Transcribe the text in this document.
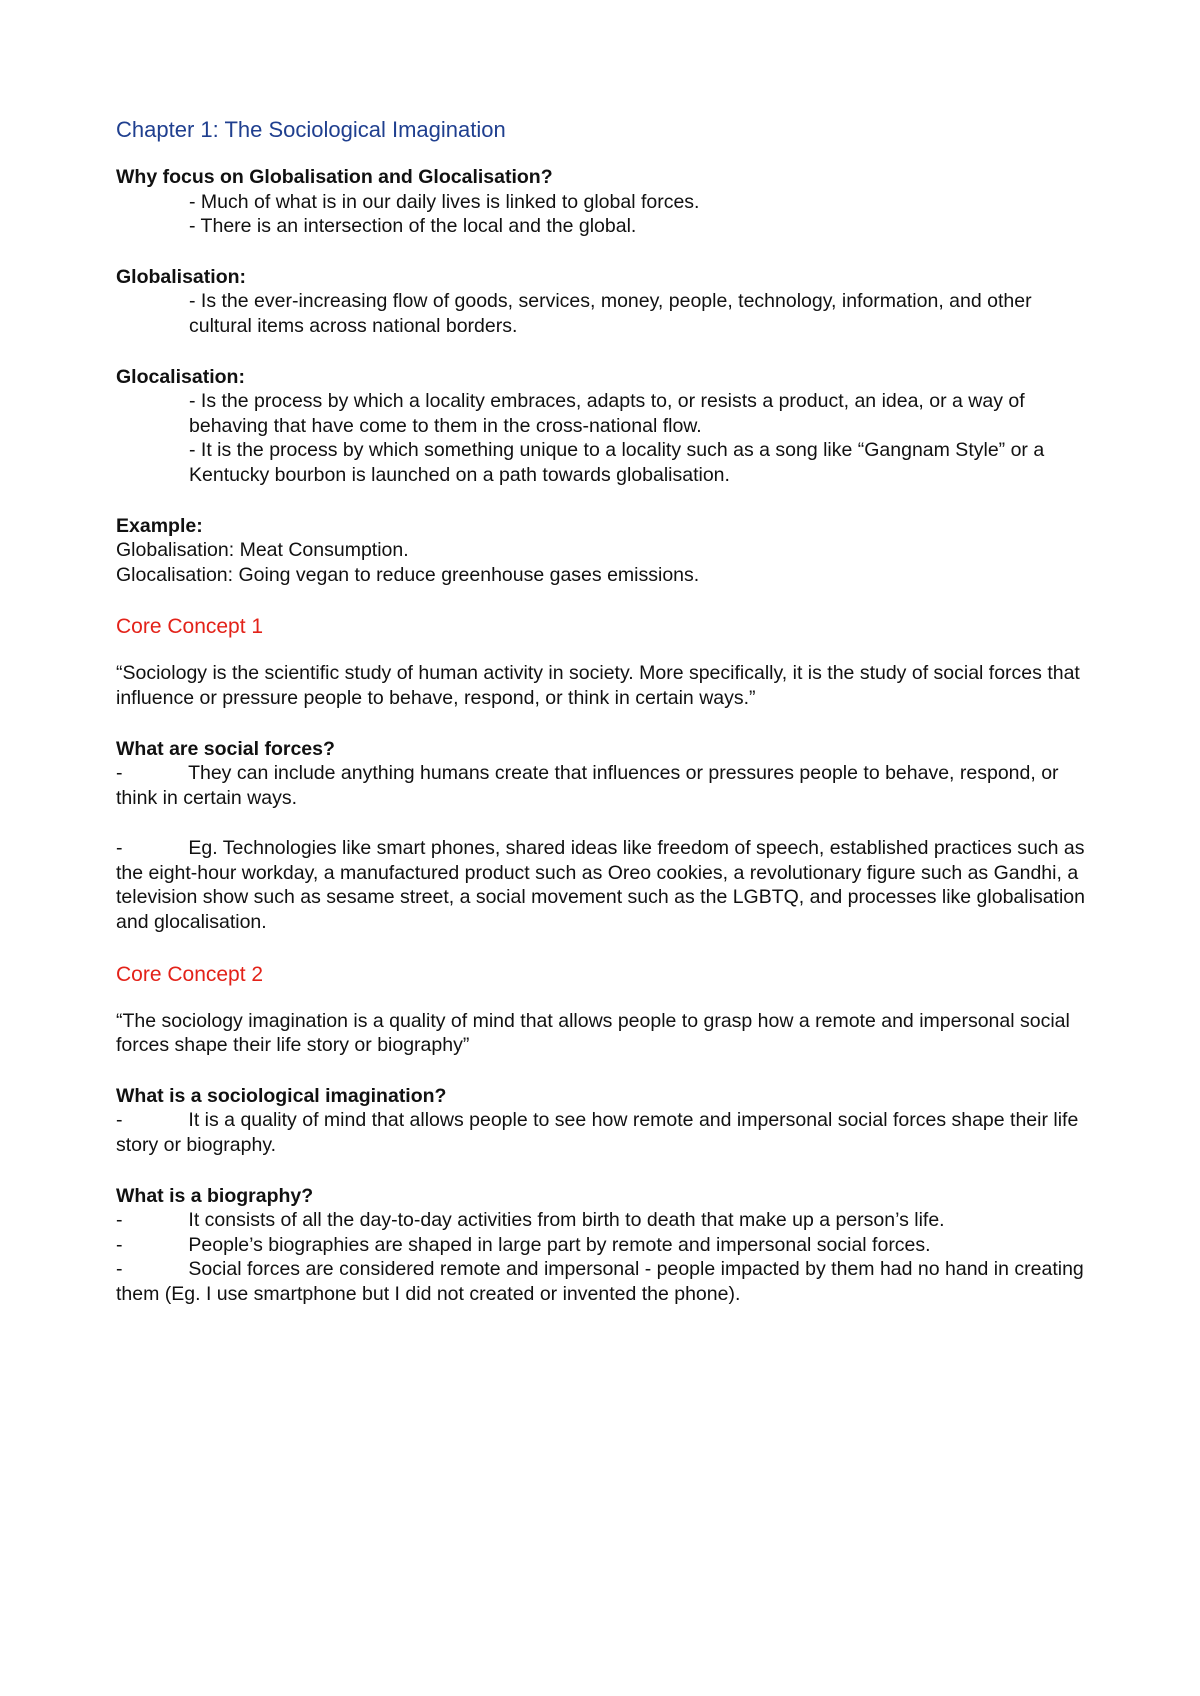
Chapter 1: The Sociological Imagination

Why focus on Globalisation and Glocalisation?

- Much of what is in our daily lives is linked to global forces.

- There is an intersection of the local and the global.

Globalisation:

- Is the ever-increasing flow of goods, services, money, people, technology, information, and other cultural items across national borders.

Glocalisation:

- Is the process by which a locality embraces, adapts to, or resists a product, an idea, or a way of behaving that have come to them in the cross-national flow.

- It is the process by which something unique to a locality such as a song like “Gangnam Style” or a Kentucky bourbon is launched on a path towards globalisation.

Example:

Globalisation: Meat Consumption.

Glocalisation: Going vegan to reduce greenhouse gases emissions.

Core Concept 1

“Sociology is the scientific study of human activity in society. More specifically, it is the study of social forces that influence or pressure people to behave, respond, or think in certain ways.”

What are social forces?

-	They can include anything humans create that influences or pressures people to behave, respond, or think in certain ways.
-	Eg. Technologies like smart phones, shared ideas like freedom of speech, established practices such as the eight-hour workday, a manufactured product such as Oreo cookies, a revolutionary figure such as Gandhi, a television show such as sesame street, a social movement such as the LGBTQ, and processes like globalisation and glocalisation.
Core Concept 2

“The sociology imagination is a quality of mind that allows people to grasp how a remote and impersonal social forces shape their life story or biography”

What is a sociological imagination?

-	It is a quality of mind that allows people to see how remote and impersonal social forces shape their life story or biography.

What is a biography?

-	It consists of all the day-to-day activities from birth to death that make up a person’s life.
-	People’s biographies are shaped in large part by remote and impersonal social forces.
-	Social forces are considered remote and impersonal - people impacted by them had no hand in creating them (Eg. I use smartphone but I did not created or invented the phone).
